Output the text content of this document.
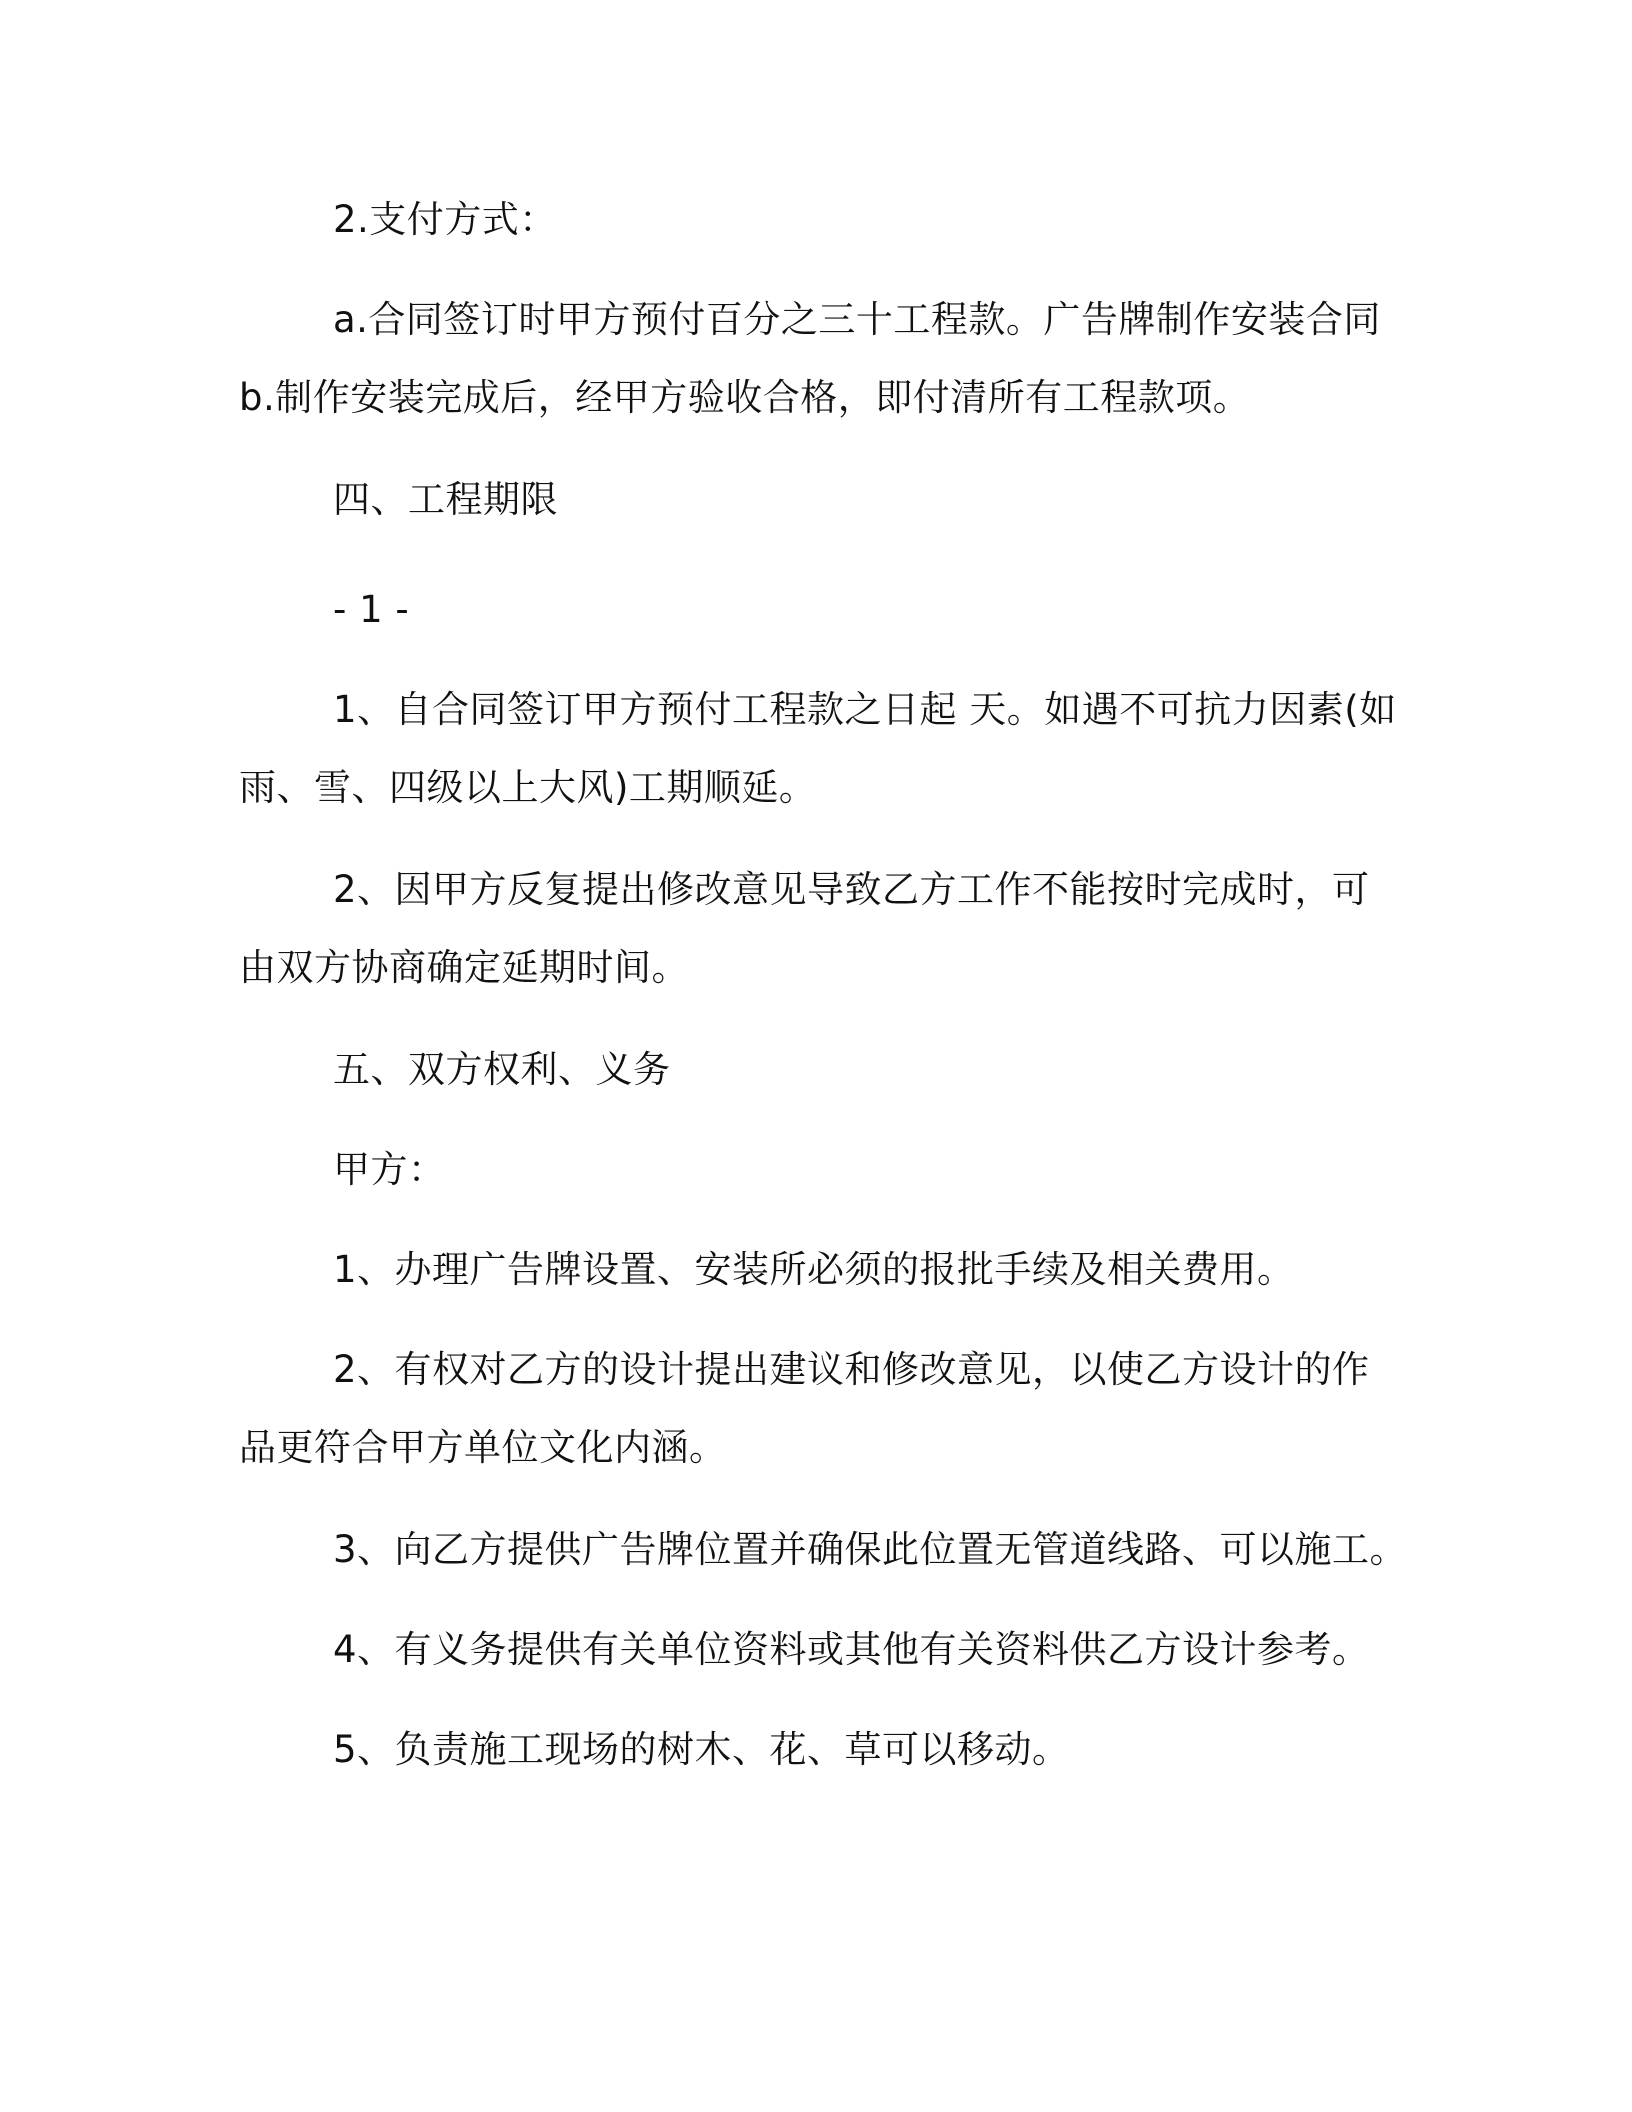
2.支付方式：
a.合同签订时甲方预付百分之三十工程款。广告牌制作安装合同
b.制作安装完成后，经甲方验收合格，即付清所有工程款项。
四、工程期限
- 1 -
1、自合同签订甲方预付工程款之日起 天。如遇不可抗力因素(如
雨、雪、四级以上大风)工期顺延。
2、因甲方反复提出修改意见导致乙方工作不能按时完成时，可
由双方协商确定延期时间。
五、双方权利、义务
甲方：
1、办理广告牌设置、安装所必须的报批手续及相关费用。
2、有权对乙方的设计提出建议和修改意见，以使乙方设计的作
品更符合甲方单位文化内涵。
3、向乙方提供广告牌位置并确保此位置无管道线路、可以施工。
4、有义务提供有关单位资料或其他有关资料供乙方设计参考。
5、负责施工现场的树木、花、草可以移动。
